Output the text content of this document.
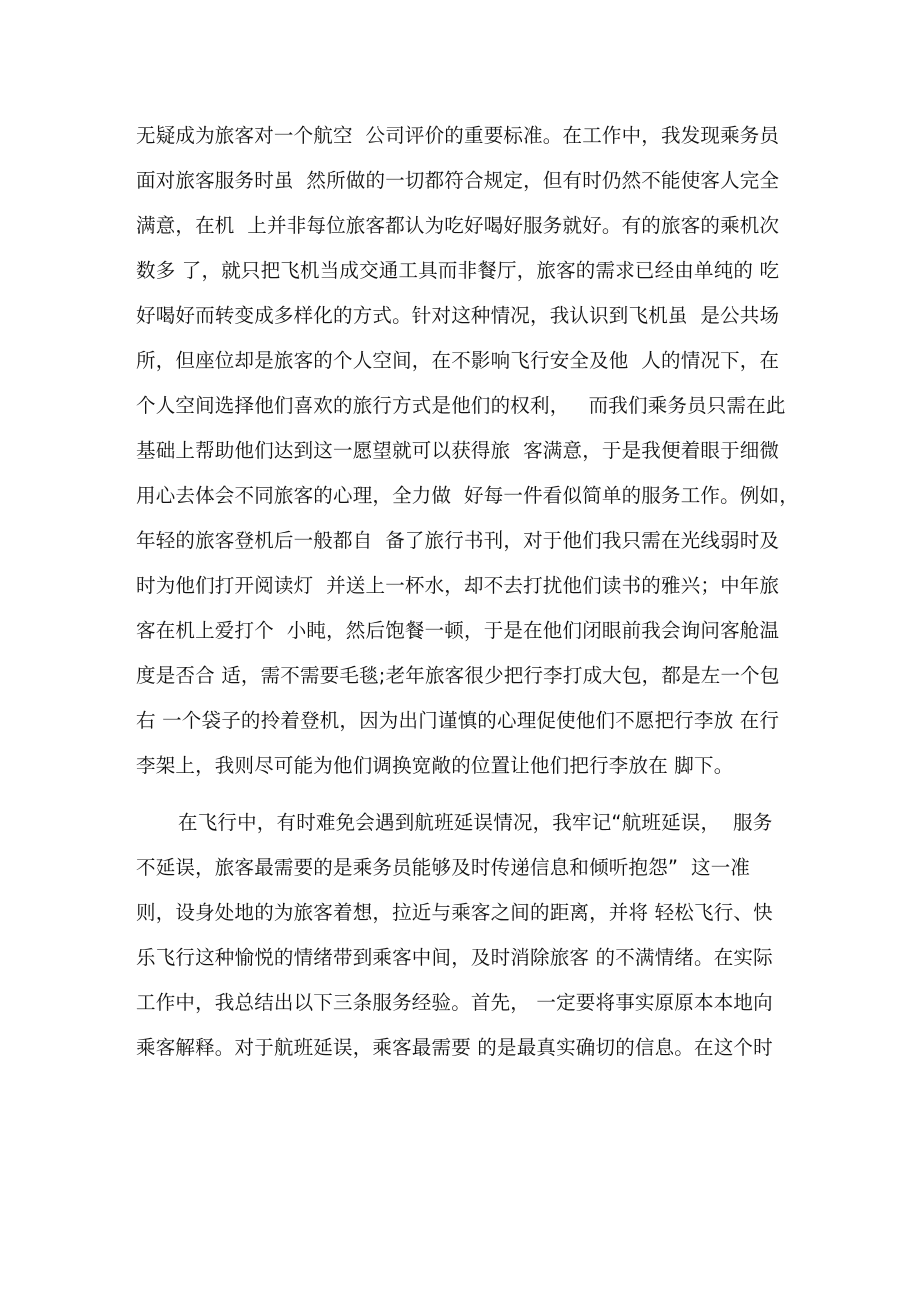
无疑成为旅客对一个航空  公司评价的重要标准。在工作中，我发现乘务员
面对旅客服务时虽  然所做的一切都符合规定，但有时仍然不能使客人完全
满意，在机  上并非每位旅客都认为吃好喝好服务就好。有的旅客的乘机次
数多 了，就只把飞机当成交通工具而非餐厅，旅客的需求已经由单纯的 吃
好喝好而转变成多样化的方式。针对这种情况，我认识到飞机虽  是公共场
所，但座位却是旅客的个人空间，在不影响飞行安全及他  人的情况下，在
个人空间选择他们喜欢的旅行方式是他们的权利，   而我们乘务员只需在此
基础上帮助他们达到这一愿望就可以获得旅  客满意，于是我便着眼于细微
用心去体会不同旅客的心理，全力做  好每一件看似简单的服务工作。例如，
年轻的旅客登机后一般都自  备了旅行书刊，对于他们我只需在光线弱时及
时为他们打开阅读灯  并送上一杯水，却不去打扰他们读书的雅兴；中年旅
客在机上爱打个  小盹，然后饱餐一顿，于是在他们闭眼前我会询问客舱温
度是否合 适，需不需要毛毯;老年旅客很少把行李打成大包，都是左一个包
右 一个袋子的拎着登机，因为出门谨慎的心理促使他们不愿把行李放 在行
李架上，我则尽可能为他们调换宽敞的位置让他们把行李放在 脚下。
在飞行中，有时难免会遇到航班延误情况，我牢记“航班延误，  服务
不延误，旅客最需要的是乘务员能够及时传递信息和倾听抱怨”  这一准
则，设身处地的为旅客着想，拉近与乘客之间的距离，并将 轻松飞行、快
乐飞行这种愉悦的情绪带到乘客中间，及时消除旅客 的不满情绪。在实际
工作中，我总结出以下三条服务经验。首先， 一定要将事实原原本本地向
乘客解释。对于航班延误，乘客最需要 的是最真实确切的信息。在这个时
